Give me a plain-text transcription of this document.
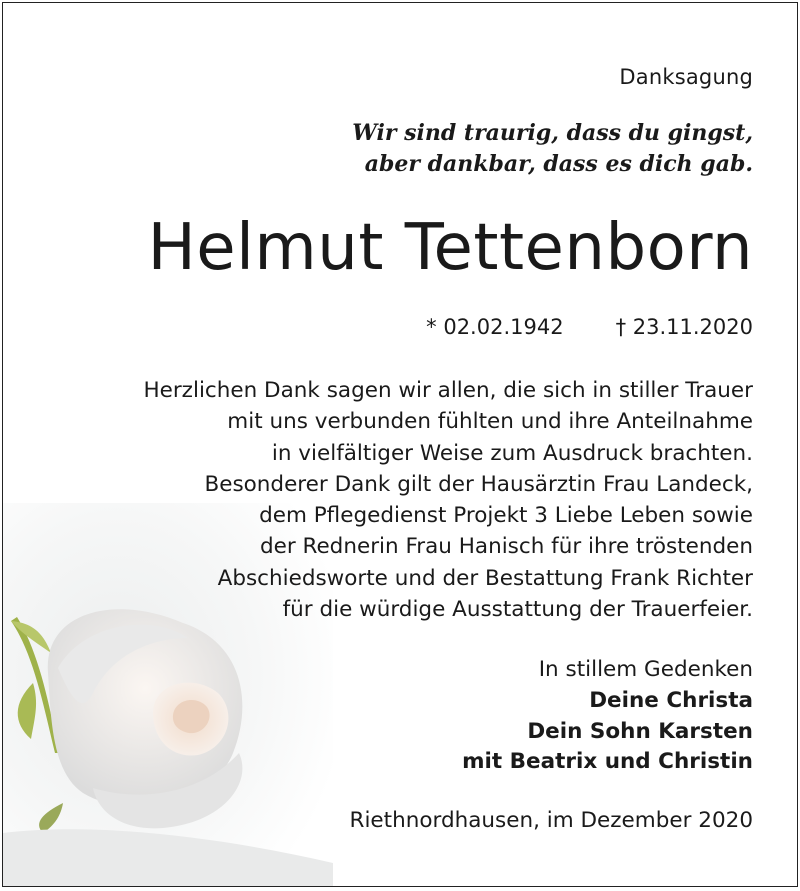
Danksagung
Wir sind traurig, dass du gingst,
aber dankbar, dass es dich gab.
Helmut Tettenborn
* 02.02.1942 † 23.11.2020
Herzlichen Dank sagen wir allen, die sich in stiller Trauer
mit uns verbunden fühlten und ihre Anteilnahme
in vielfältiger Weise zum Ausdruck brachten.
Besonderer Dank gilt der Hausärztin Frau Landeck,
dem Pflegedienst Projekt 3 Liebe Leben sowie
der Rednerin Frau Hanisch für ihre tröstenden
Abschiedsworte und der Bestattung Frank Richter
für die würdige Ausstattung der Trauerfeier.
In stillem Gedenken
Deine Christa
Dein Sohn Karsten
mit Beatrix und Christin
Riethnordhausen, im Dezember 2020
